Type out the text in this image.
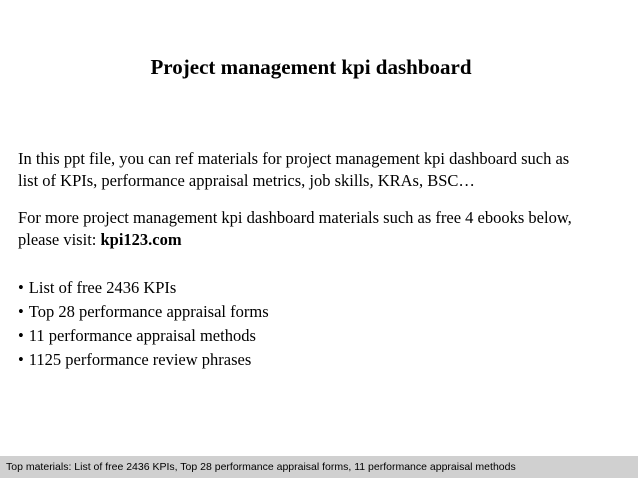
Project management kpi dashboard
In this ppt file, you can ref materials for project management kpi dashboard such as
list of KPIs, performance appraisal metrics, job skills, KRAs, BSC…
For more project management kpi dashboard materials such as free 4 ebooks below,
please visit: kpi123.com
• List of free 2436 KPIs
• Top 28 performance appraisal forms
• 11 performance appraisal methods
• 1125 performance review phrases
Top materials: List of free 2436 KPIs, Top 28 performance appraisal forms, 11 performance appraisal methods
